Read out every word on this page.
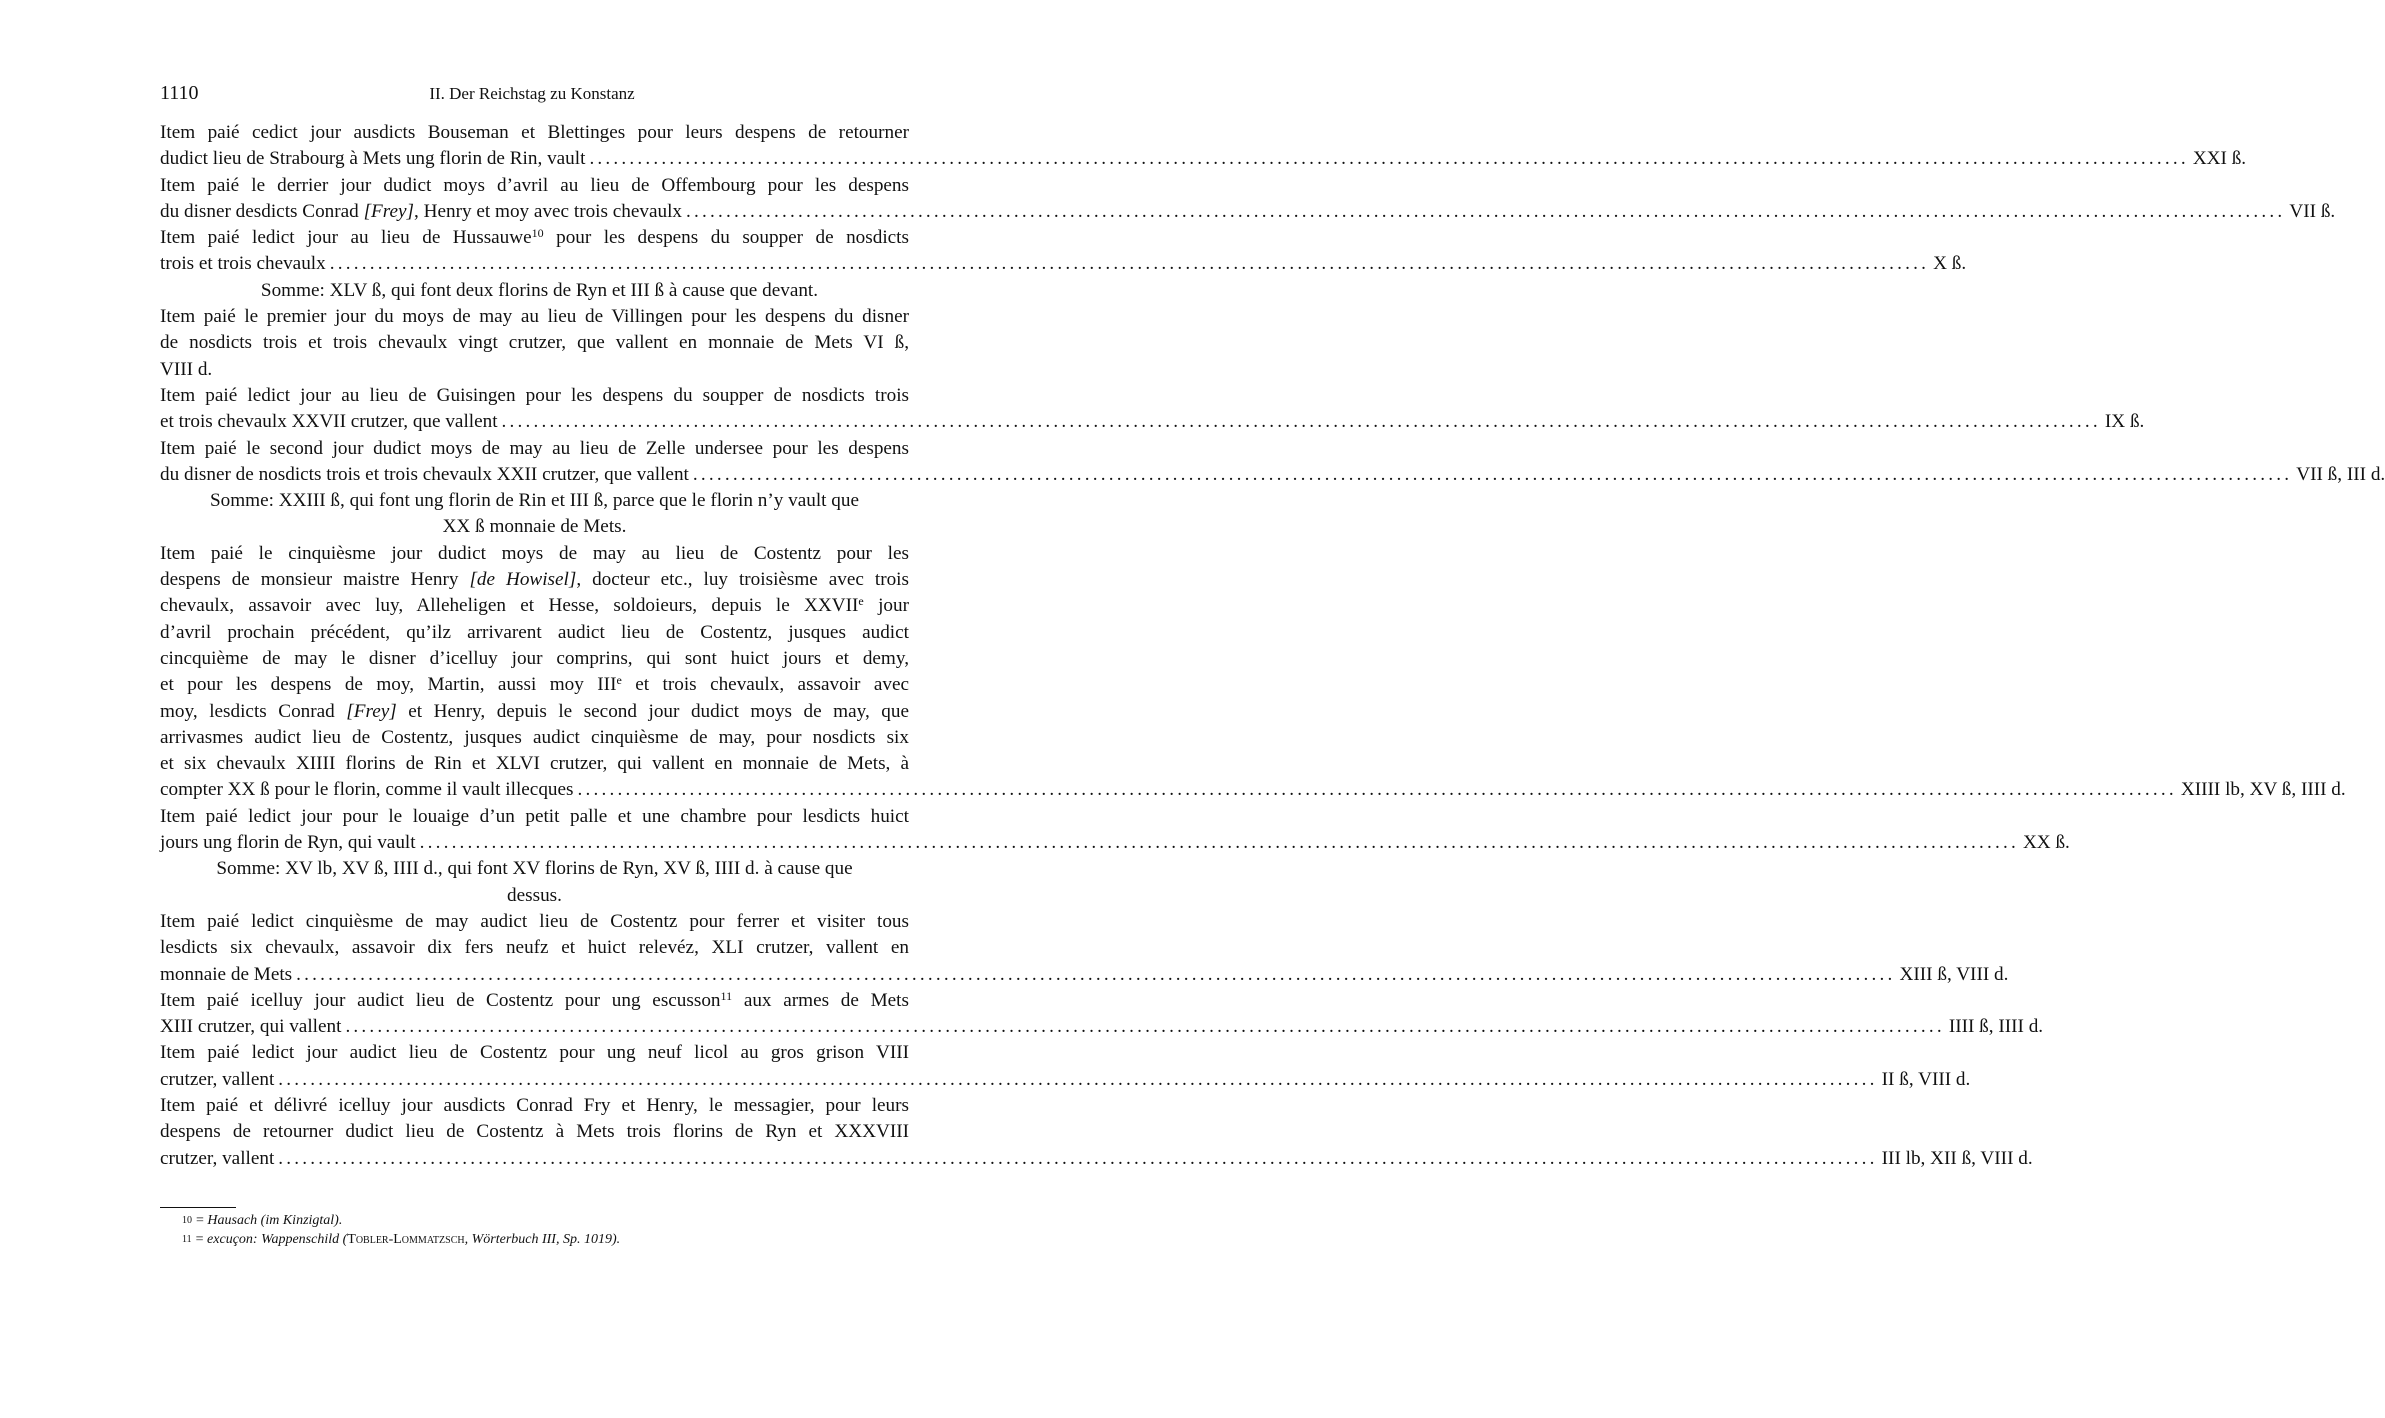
1110	II. Der Reichstag zu Konstanz
Item paié cedict jour ausdicts Bouseman et Blettinges pour leurs despens de retourner
dudict lieu de Strabourg à Mets ung florin de Rin, vault ........................................................................................................................................................................................................ XXI ß.
Item paié le derrier jour dudict moys d’avril au lieu de Offembourg pour les despens
du disner desdicts Conrad [Frey], Henry et moy avec trois chevaulx ........................................................................................................................................................................................................ VII ß.
Item paié ledict jour au lieu de Hussauwe$^{10}$ pour les despens du soupper de nosdicts
trois et trois chevaulx ........................................................................................................................................................................................................ X ß.
Somme: XLV ß, qui font deux florins de Ryn et III ß à cause que devant.
Item paié le premier jour du moys de may au lieu de Villingen pour les despens du disner
de nosdicts trois et trois chevaulx vingt crutzer, que vallent en monnaie de Mets VI ß,
VIII d.
Item paié ledict jour au lieu de Guisingen pour les despens du soupper de nosdicts trois
et trois chevaulx XXVII crutzer, que vallent ........................................................................................................................................................................................................ IX ß.
Item paié le second jour dudict moys de may au lieu de Zelle undersee pour les despens
du disner de nosdicts trois et trois chevaulx XXII crutzer, que vallent ........................................................................................................................................................................................................ VII ß, III d.
Somme: XXIII ß, qui font ung florin de Rin et III ß, parce que le florin n’y vault que
XX ß monnaie de Mets.
Item paié le cinquièsme jour dudict moys de may au lieu de Costentz pour les
despens de monsieur maistre Henry [de Howisel], docteur etc., luy troisièsme avec trois
chevaulx, assavoir avec luy, Alleheligen et Hesse, soldoieurs, depuis le XXVIIe jour
d’avril prochain précédent, qu’ilz arrivarent audict lieu de Costentz, jusques audict
cincquième de may le disner d’icelluy jour comprins, qui sont huict jours et demy,
et pour les despens de moy, Martin, aussi moy IIIe et trois chevaulx, assavoir avec
moy, lesdicts Conrad [Frey] et Henry, depuis le second jour dudict moys de may, que
arrivasmes audict lieu de Costentz, jusques audict cinquièsme de may, pour nosdicts six
et six chevaulx XIIII florins de Rin et XLVI crutzer, qui vallent en monnaie de Mets, à
compter XX ß pour le florin, comme il vault illecques ........................................................................................................................................................................................................ XIIII lb, XV ß, IIII d.
Item paié ledict jour pour le louaige d’un petit palle et une chambre pour lesdicts huict
jours ung florin de Ryn, qui vault ........................................................................................................................................................................................................ XX ß.
Somme: XV lb, XV ß, IIII d., qui font XV florins de Ryn, XV ß, IIII d. à cause que
dessus.
Item paié ledict cinquièsme de may audict lieu de Costentz pour ferrer et visiter tous
lesdicts six chevaulx, assavoir dix fers neufz et huict relevéz, XLI crutzer, vallent en
monnaie de Mets ........................................................................................................................................................................................................ XIII ß, VIII d.
Item paié icelluy jour audict lieu de Costentz pour ung escusson$^{11}$ aux armes de Mets
XIII crutzer, qui vallent ........................................................................................................................................................................................................ IIII ß, IIII d.
Item paié ledict jour audict lieu de Costentz pour ung neuf licol au gros grison VIII
crutzer, vallent ........................................................................................................................................................................................................ II ß, VIII d.
Item paié et délivré icelluy jour ausdicts Conrad Fry et Henry, le messagier, pour leurs
despens de retourner dudict lieu de Costentz à Mets trois florins de Ryn et XXXVIII
crutzer, vallent ........................................................................................................................................................................................................ III lb, XII ß, VIII d.
$^{10}$ = Hausach (im Kinzigtal).
$^{11}$ = excuçon: Wappenschild (Tobler-Lommatzsch, Wörterbuch III, Sp. 1019).
